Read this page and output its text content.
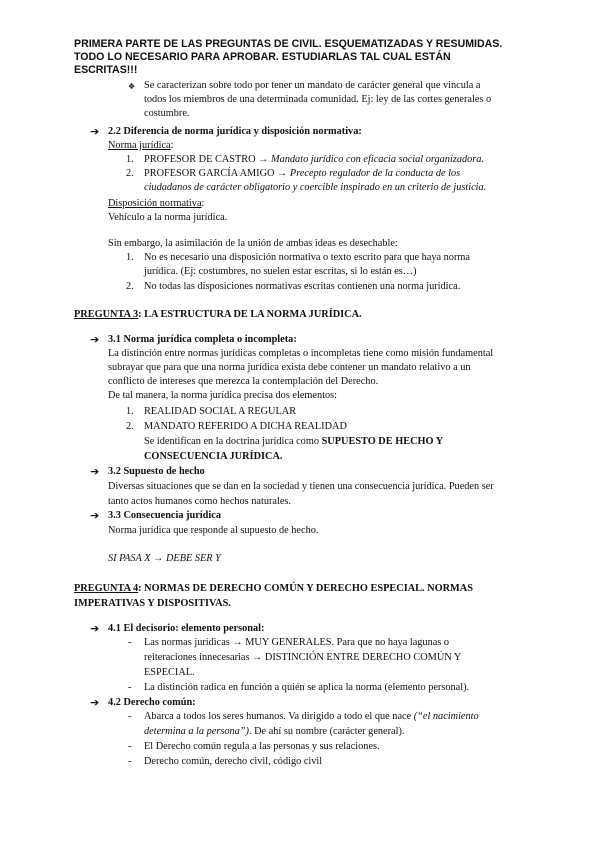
PRIMERA PARTE DE LAS PREGUNTAS DE CIVIL. ESQUEMATIZADAS Y RESUMIDAS.
TODO LO NECESARIO PARA APROBAR. ESTUDIARLAS TAL CUAL ESTÁN
ESCRITAS!!!
❖ Se caracterizan sobre todo por tener un mandato de carácter general que vincula a
todos los miembros de una determinada comunidad. Ej: ley de las cortes generales o
costumbre.
➔ 2.2 Diferencia de norma jurídica y disposición normativa:
Norma jurídica:
1. PROFESOR DE CASTRO → Mandato jurídico con eficacia social organizadora.
2. PROFESOR GARCÍA AMIGO → Precepto regulador de la conducta de los
ciudadanos de carácter obligatorio y coercible inspirado en un criterio de justicia.
Disposición normativa:
Vehículo a la norma jurídica.
Sin embargo, la asimilación de la unión de ambas ideas es desechable:
1. No es necesario una disposición normativa o texto escrito para que haya norma
jurídica. (Ej: costumbres, no suelen estar escritas, si lo están es…)
2. No todas las disposiciones normativas escritas contienen una norma jurídica.
PREGUNTA 3: LA ESTRUCTURA DE LA NORMA JURÍDICA.
➔ 3.1 Norma jurídica completa o incompleta:
La distinción entre normas jurídicas completas o incompletas tiene como misión fundamental
subrayar que para que una norma jurídica exista debe contener un mandato relativo a un
conflicto de intereses que merezca la contemplación del Derecho.
De tal manera, la norma jurídica precisa dos elementos:
1. REALIDAD SOCIAL A REGULAR
2. MANDATO REFERIDO A DICHA REALIDAD
Se identifican en la doctrina jurídica como SUPUESTO DE HECHO Y
CONSECUENCIA JURÍDICA.
➔ 3.2 Supuesto de hecho
Diversas situaciones que se dan en la sociedad y tienen una consecuencia jurídica. Pueden ser
tanto actos humanos como hechos naturales.
➔ 3.3 Consecuencia jurídica
Norma jurídica que responde al supuesto de hecho.
SI PASA X → DEBE SER Y
PREGUNTA 4: NORMAS DE DERECHO COMÚN Y DERECHO ESPECIAL. NORMAS
IMPERATIVAS Y DISPOSITIVAS.
➔ 4.1 El decisorio: elemento personal:
- Las normas jurídicas → MUY GENERALES. Para que no haya lagunas o
reiteraciones innecesarias → DISTINCIÓN ENTRE DERECHO COMÚN Y
ESPECIAL.
- La distinción radica en función a quién se aplica la norma (elemento personal).
➔ 4.2 Derecho común:
- Abarca a todos los seres humanos. Va dirigido a todo el que nace (“el nacimiento
determina a la persona”). De ahí su nombre (carácter general).
- El Derecho común regula a las personas y sus relaciones.
- Derecho común, derecho civil, código civil
